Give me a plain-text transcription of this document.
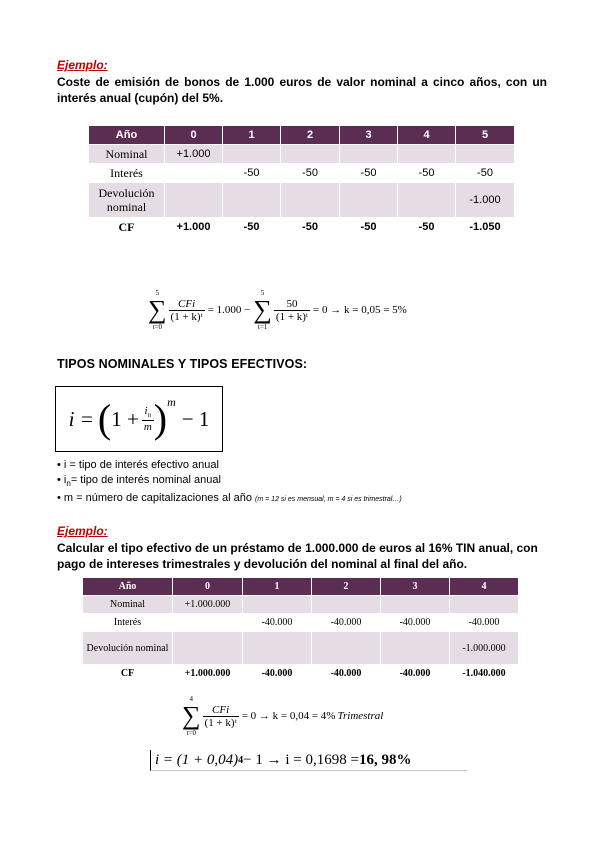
Ejemplo:
Coste de emisión de bonos de 1.000 euros de valor nominal a cinco años, con un interés anual (cupón) del 5%.
Año	0	1	2	3	4	5
Nominal	+1.000					
Interés		-50	-50	-50	-50	-50
Devolución nominal						-1.000
CF	+1.000	-50	-50	-50	-50	-1.050
5
∑
t=0
$\frac{\text{CFi}}{\text{(1 + k)ᵗ}} = 1.000$ −
5
∑
t=1
$\frac{50}{\text{(1 + k)ᵗ}} = 0 \to k = 0,05 = 5\%$
TIPOS NOMINALES Y TIPOS EFECTIVOS:
i = ( $1 + \frac{i_n}{m}$ ) m
− 1
• i = tipo de interés efectivo anual
• $i_n=$ tipo de interés nominal anual
• m = número de capitalizaciones al año (m = 12 si es mensual, m = 4 si es trimestral…)
Ejemplo:
Calcular el tipo efectivo de un préstamo de 1.000.000 de euros al 16% TIN anual, con pago de intereses trimestrales y devolución del nominal al final del año.
Año	0	1	2	3	4
Nominal	+1.000.000				
Interés		-40.000	-40.000	-40.000	-40.000
Devolución nominal					-1.000.000
CF	+1.000.000	-40.000	-40.000	-40.000	-1.040.000
4
∑
t=0
$\frac{\text{CFi}}{\text{(1 + k)ᵗ}} = 0 \to k = 0,04 = 4\%$ Trimestral
i = (1 + 0,04) 4 − 1 → i = 0,1698 = 16, 98%
